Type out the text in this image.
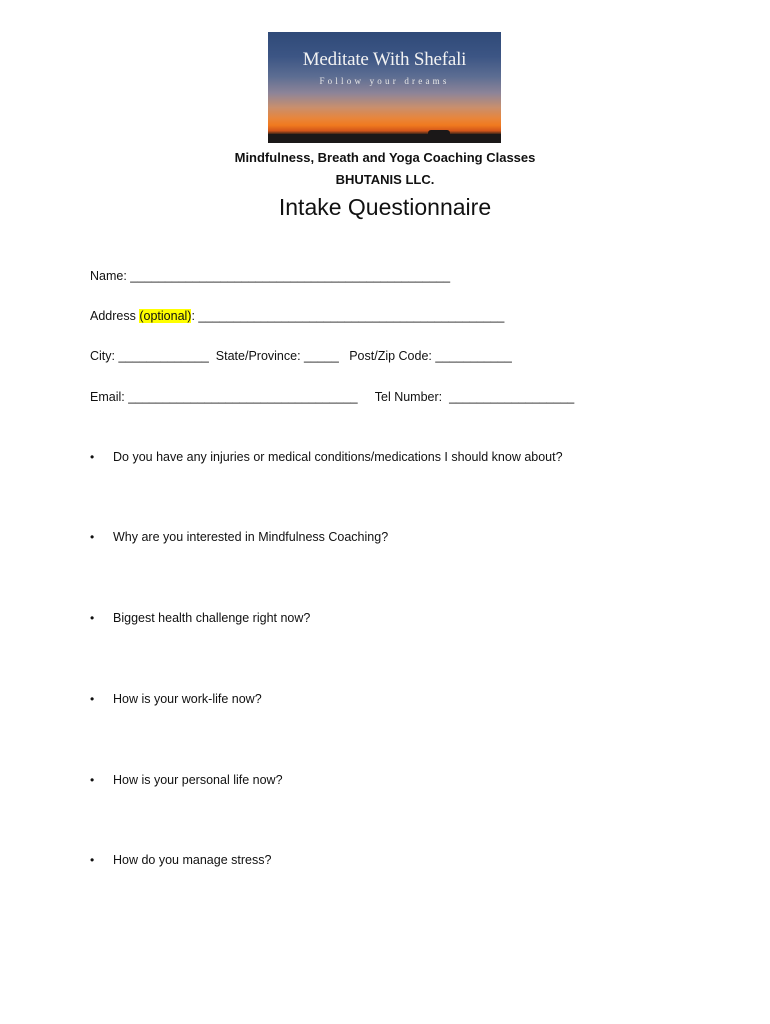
Meditate With Shefali
Follow your dreams
Mindfulness, Breath and Yoga Coaching Classes
BHUTANIS LLC.
Intake Questionnaire
Name: ______________________________________________
Address (optional): ____________________________________________
City: _____________  State/Province: _____   Post/Zip Code: ___________
Email: _________________________________     Tel Number:  __________________
•	Do you have any injuries or medical conditions/medications I should know about?
•	Why are you interested in Mindfulness Coaching?
•	Biggest health challenge right now?
•	How is your work-life now?
•	How is your personal life now?
•	How do you manage stress?
